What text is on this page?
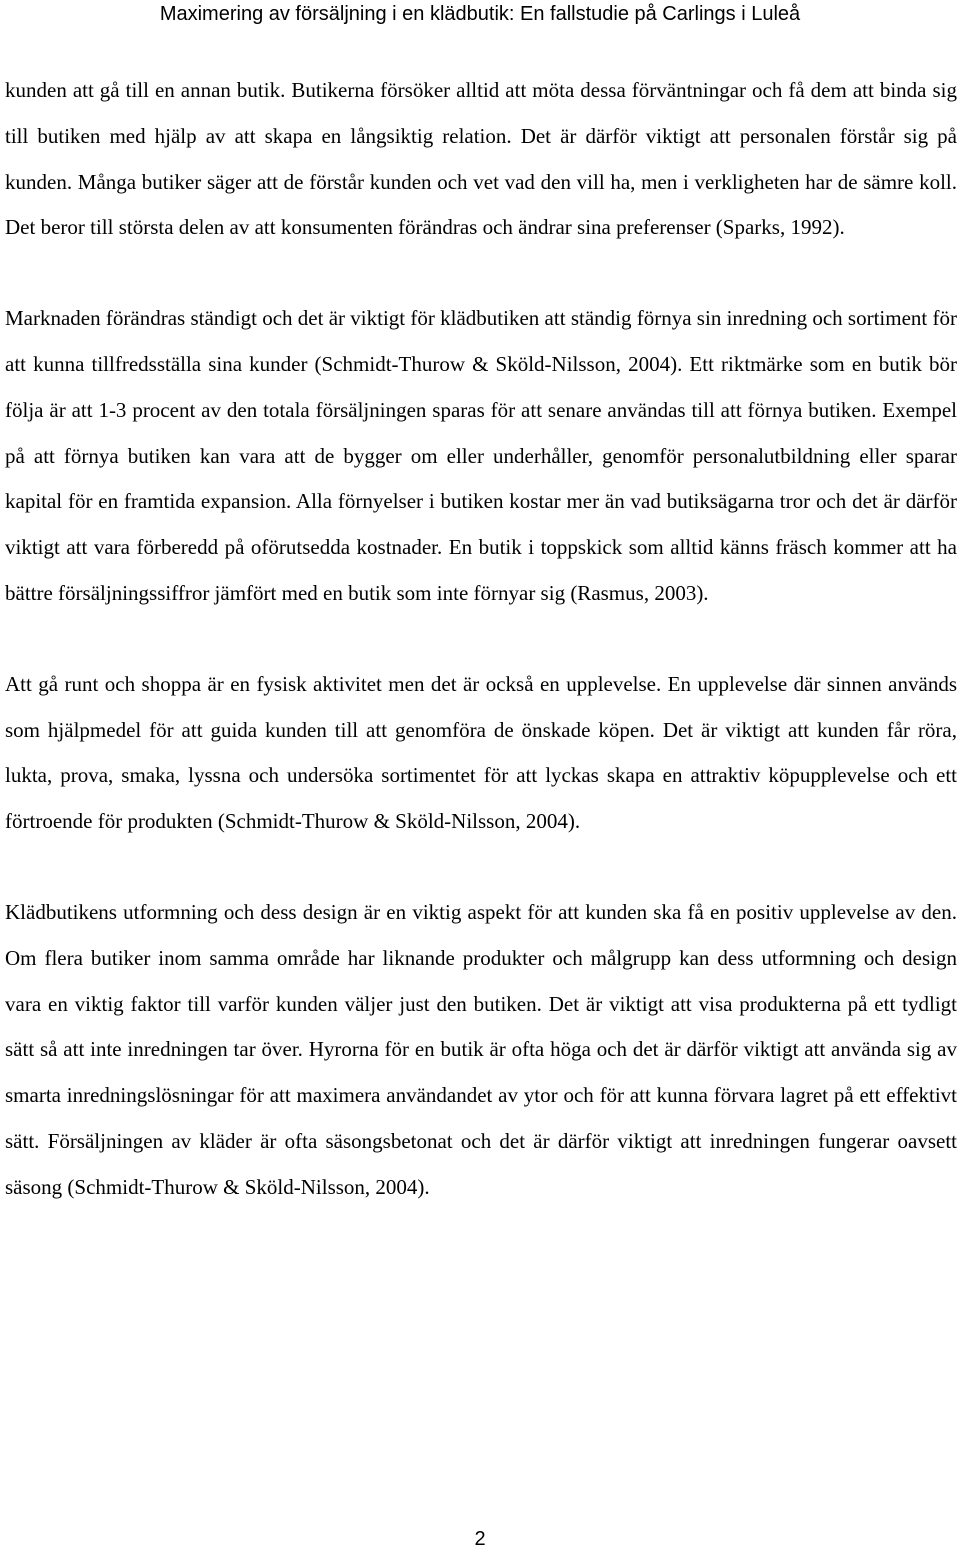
Maximering av försäljning i en klädbutik: En fallstudie på Carlings i Luleå

kunden att gå till en annan butik. Butikerna försöker alltid att möta dessa förväntningar och få dem att binda sig till butiken med hjälp av att skapa en långsiktig relation. Det är därför viktigt att personalen förstår sig på kunden. Många butiker säger att de förstår kunden och vet vad den vill ha, men i verkligheten har de sämre koll. Det beror till största delen av att konsumenten förändras och ändrar sina preferenser (Sparks, 1992).

Marknaden förändras ständigt och det är viktigt för klädbutiken att ständig förnya sin inredning och sortiment för att kunna tillfredsställa sina kunder (Schmidt-Thurow & Sköld-Nilsson, 2004). Ett riktmärke som en butik bör följa är att 1-3 procent av den totala försäljningen sparas för att senare användas till att förnya butiken. Exempel på att förnya butiken kan vara att de bygger om eller underhåller, genomför personalutbildning eller sparar kapital för en framtida expansion. Alla förnyelser i butiken kostar mer än vad butiksägarna tror och det är därför viktigt att vara förberedd på oförutsedda kostnader. En butik i toppskick som alltid känns fräsch kommer att ha bättre försäljningssiffror jämfört med en butik som inte förnyar sig (Rasmus, 2003).

Att gå runt och shoppa är en fysisk aktivitet men det är också en upplevelse. En upplevelse där sinnen används som hjälpmedel för att guida kunden till att genomföra de önskade köpen. Det är viktigt att kunden får röra, lukta, prova, smaka, lyssna och undersöka sortimentet för att lyckas skapa en attraktiv köpupplevelse och ett förtroende för produkten (Schmidt-Thurow & Sköld-Nilsson, 2004).

Klädbutikens utformning och dess design är en viktig aspekt för att kunden ska få en positiv upplevelse av den. Om flera butiker inom samma område har liknande produkter och målgrupp kan dess utformning och design vara en viktig faktor till varför kunden väljer just den butiken. Det är viktigt att visa produkterna på ett tydligt sätt så att inte inredningen tar över. Hyrorna för en butik är ofta höga och det är därför viktigt att använda sig av smarta inredningslösningar för att maximera användandet av ytor och för att kunna förvara lagret på ett effektivt sätt. Försäljningen av kläder är ofta säsongsbetonat och det är därför viktigt att inredningen fungerar oavsett säsong (Schmidt-Thurow & Sköld-Nilsson, 2004).

2
